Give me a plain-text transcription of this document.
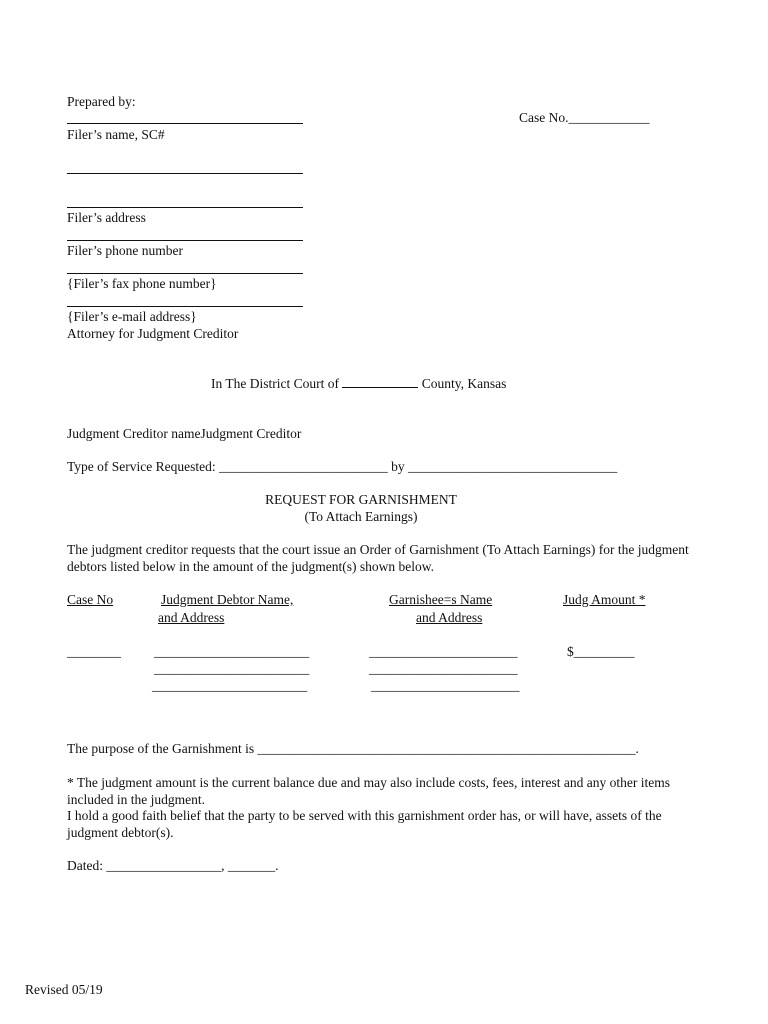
Prepared by:
Case No.____________
Filer’s name, SC#
Filer’s address
Filer’s phone number
{Filer’s fax phone number}
{Filer’s e-mail address}
Attorney for Judgment Creditor
In The District Court of	County, Kansas
Judgment Creditor nameJudgment Creditor
Type of Service Requested: _________________________ by _______________________________
REQUEST FOR GARNISHMENT
(To Attach Earnings)
The judgment creditor requests that the court issue an Order of Garnishment (To Attach Earnings) for the judgment
debtors listed below in the amount of the judgment(s) shown below.
Case No	Judgment Debtor Name,
and Address
Garnishee=s Name
and Address
Judg Amount *
________ _______________________
_______________________
_______________________
______________________
______________________
______________________
$_________
The purpose of the Garnishment is ________________________________________________________.
* The judgment amount is the current balance due and may also include costs, fees, interest and any other items
included in the judgment.
I hold a good faith belief that the party to be served with this garnishment order has, or will have, assets of the
judgment debtor(s).
Dated: _________________, _______.
Revised 05/19
